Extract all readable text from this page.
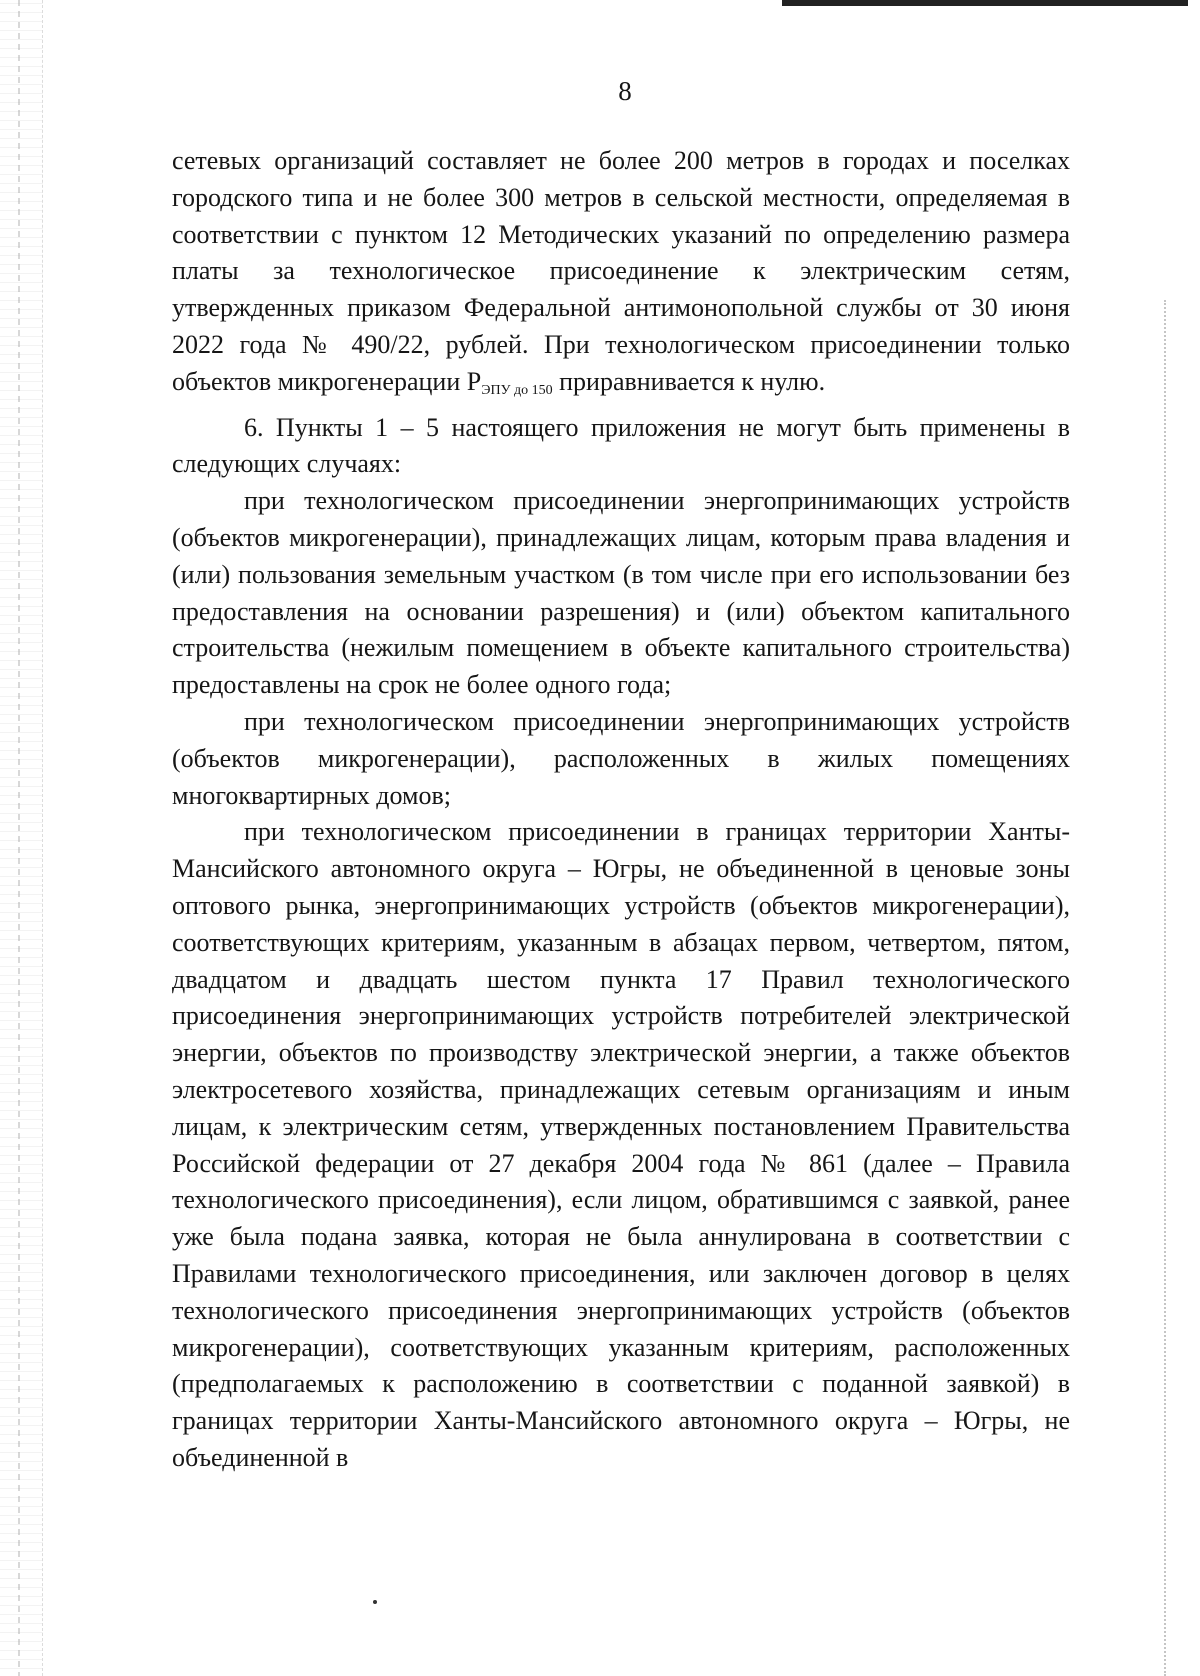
8

сетевых организаций составляет не более 200 метров в городах и поселках городского типа и не более 300 метров в сельской местности, определяемая в соответствии с пунктом 12 Методических указаний по определению размера платы за технологическое присоединение к электрическим сетям, утвержденных приказом Федеральной антимонопольной службы от 30 июня 2022 года № 490/22, рублей. При технологическом присоединении только объектов микрогенерации $P_{ЭПУ до 150}$ приравнивается к нулю.

6. Пункты 1 – 5 настоящего приложения не могут быть применены в следующих случаях:

при технологическом присоединении энергопринимающих устройств (объектов микрогенерации), принадлежащих лицам, которым права владения и (или) пользования земельным участком (в том числе при его использовании без предоставления на основании разрешения) и (или) объектом капитального строительства (нежилым помещением в объекте капитального строительства) предоставлены на срок не более одного года;

при технологическом присоединении энергопринимающих устройств (объектов микрогенерации), расположенных в жилых помещениях многоквартирных домов;

при технологическом присоединении в границах территории Ханты-Мансийского автономного округа – Югры, не объединенной в ценовые зоны оптового рынка, энергопринимающих устройств (объектов микрогенерации), соответствующих критериям, указанным в абзацах первом, четвертом, пятом, двадцатом и двадцать шестом пункта 17 Правил технологического присоединения энергопринимающих устройств потребителей электрической энергии, объектов по производству электрической энергии, а также объектов электросетевого хозяйства, принадлежащих сетевым организациям и иным лицам, к электрическим сетям, утвержденных постановлением Правительства Российской федерации от 27 декабря 2004 года № 861 (далее – Правила технологического присоединения), если лицом, обратившимся с заявкой, ранее уже была подана заявка, которая не была аннулирована в соответствии с Правилами технологического присоединения, или заключен договор в целях технологического присоединения энергопринимающих устройств (объектов микрогенерации), соответствующих указанным критериям, расположенных (предполагаемых к расположению в соответствии с поданной заявкой) в границах территории Ханты-Мансийского автономного округа – Югры, не объединенной в
